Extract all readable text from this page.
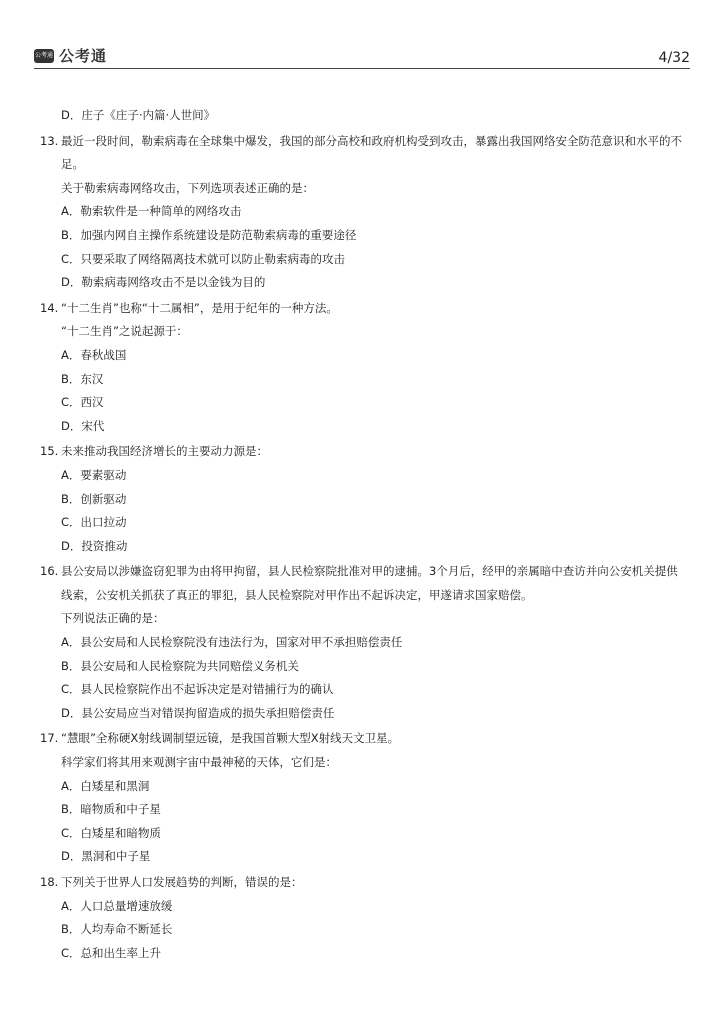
公考通 公考通	4/32
D．庄子《庄子·内篇·人世间》
13. 最近一段时间，勒索病毒在全球集中爆发，我国的部分高校和政府机构受到攻击，暴露出我国网络安全防范意识和水平的不足。
关于勒索病毒网络攻击，下列选项表述正确的是：
A．勒索软件是一种简单的网络攻击
B．加强内网自主操作系统建设是防范勒索病毒的重要途径
C．只要采取了网络隔离技术就可以防止勒索病毒的攻击
D．勒索病毒网络攻击不是以金钱为目的
14. “十二生肖”也称“十二属相”，是用于纪年的一种方法。
“十二生肖”之说起源于：
A．春秋战国
B．东汉
C．西汉
D．宋代
15. 未来推动我国经济增长的主要动力源是：
A．要素驱动
B．创新驱动
C．出口拉动
D．投资推动
16. 县公安局以涉嫌盗窃犯罪为由将甲拘留，县人民检察院批准对甲的逮捕。3个月后，经甲的亲属暗中查访并向公安机关提供线索，公安机关抓获了真正的罪犯，县人民检察院对甲作出不起诉决定，甲遂请求国家赔偿。
下列说法正确的是：
A．县公安局和人民检察院没有违法行为，国家对甲不承担赔偿责任
B．县公安局和人民检察院为共同赔偿义务机关
C．县人民检察院作出不起诉决定是对错捕行为的确认
D．县公安局应当对错误拘留造成的损失承担赔偿责任
17. “慧眼”全称硬X射线调制望远镜，是我国首颗大型X射线天文卫星。
科学家们将其用来观测宇宙中最神秘的天体，它们是：
A．白矮星和黑洞
B．暗物质和中子星
C．白矮星和暗物质
D．黑洞和中子星
18. 下列关于世界人口发展趋势的判断，错误的是：
A．人口总量增速放缓
B．人均寿命不断延长
C．总和出生率上升
